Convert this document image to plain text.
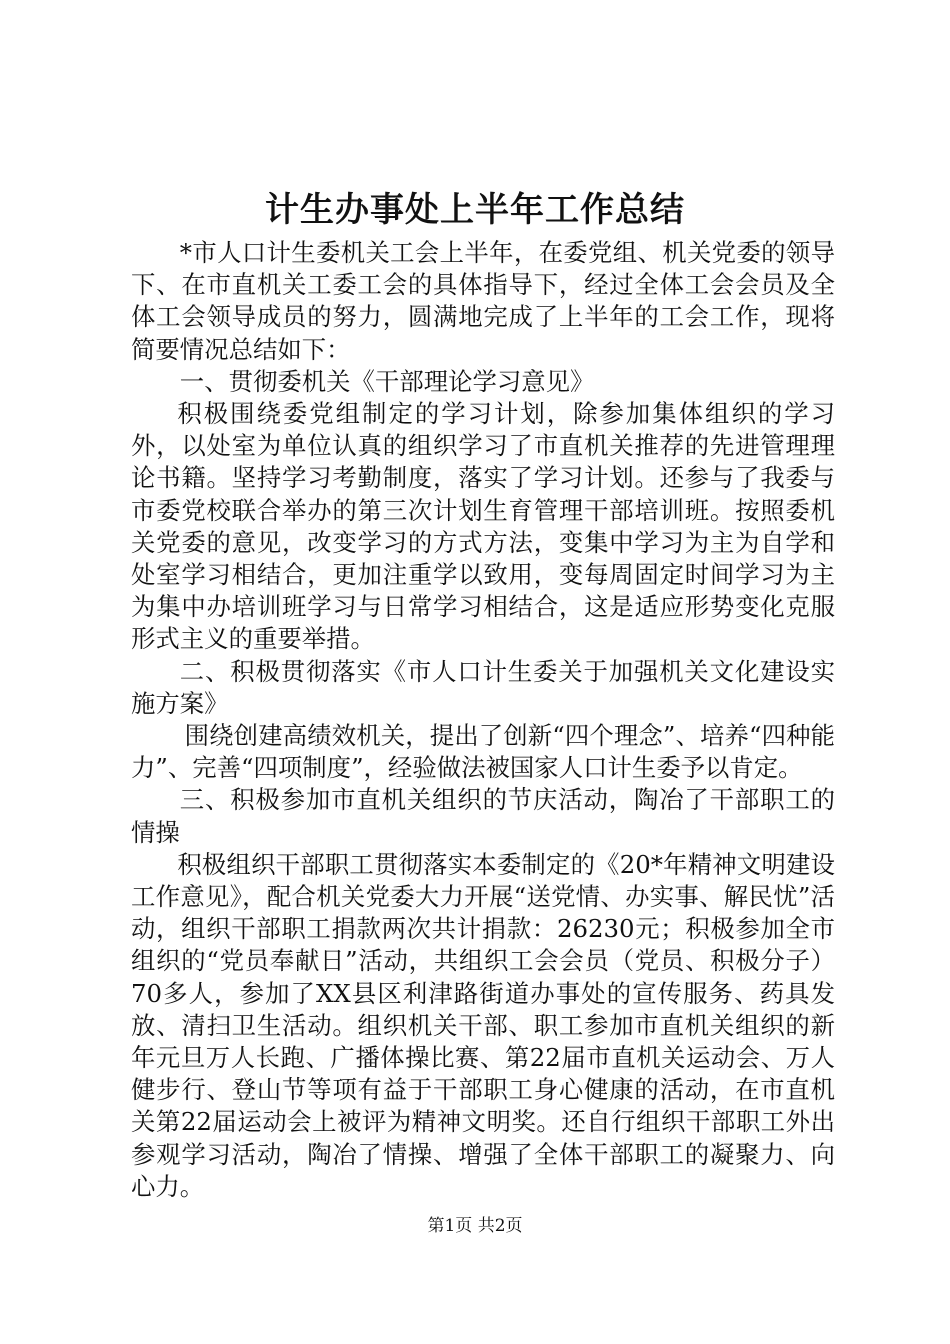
计生办事处上半年工作总结

*市人口计生委机关工会上半年，在委党组、机关党委的领导下、在市直机关工委工会的具体指导下，经过全体工会会员及全体工会领导成员的努力，圆满地完成了上半年的工会工作，现将简要情况总结如下：

一、贯彻委机关《干部理论学习意见》

积极围绕委党组制定的学习计划，除参加集体组织的学习外，以处室为单位认真的组织学习了市直机关推荐的先进管理理论书籍。坚持学习考勤制度，落实了学习计划。还参与了我委与市委党校联合举办的第三次计划生育管理干部培训班。按照委机关党委的意见，改变学习的方式方法，变集中学习为主为自学和处室学习相结合，更加注重学以致用，变每周固定时间学习为主为集中办培训班学习与日常学习相结合，这是适应形势变化克服形式主义的重要举措。

二、积极贯彻落实《市人口计生委关于加强机关文化建设实施方案》

围绕创建高绩效机关，提出了创新“四个理念”、培养“四种能力”、完善“四项制度”，经验做法被国家人口计生委予以肯定。

三、积极参加市直机关组织的节庆活动，陶冶了干部职工的情操

积极组织干部职工贯彻落实本委制定的《20*年精神文明建设工作意见》，配合机关党委大力开展“送党情、办实事、解民忧”活动，组织干部职工捐款两次共计捐款：26230元；积极参加全市组织的“党员奉献日”活动，共组织工会会员（党员、积极分子）70多人，参加了XX县区利津路街道办事处的宣传服务、药具发放、清扫卫生活动。组织机关干部、职工参加市直机关组织的新年元旦万人长跑、广播体操比赛、第22届市直机关运动会、万人健步行、登山节等项有益于干部职工身心健康的活动，在市直机关第22届运动会上被评为精神文明奖。还自行组织干部职工外出参观学习活动，陶冶了情操、增强了全体干部职工的凝聚力、向心力。

第1页 共2页
